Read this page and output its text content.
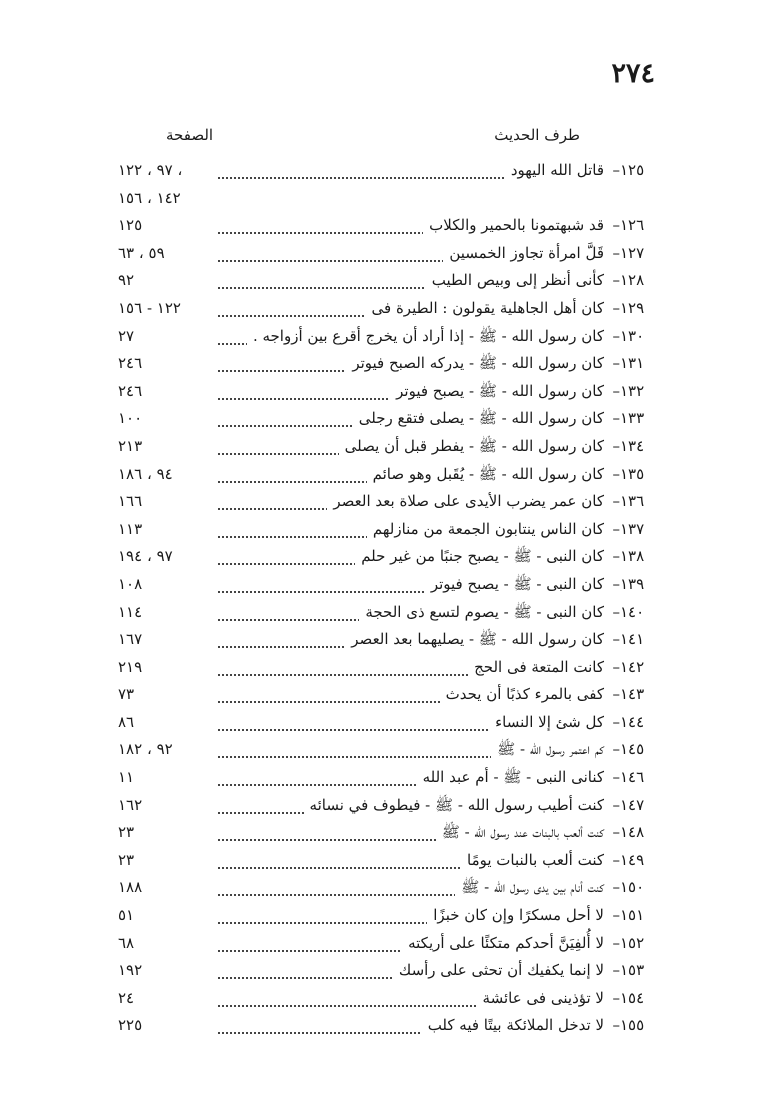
٢٧٤
طرف الحديث
الصفحة
١٢٥
–
قاتل الله اليهود
٩٧ ، ١٢٢ ،
١٤٢ ، ١٥٦
١٢٦
–
قد شبهتمونا بالحمير والكلاب
١٢٥
١٢٧
–
قَلَّ امرأة تجاوز الخمسين
٥٩ ، ٦٣
١٢٨
–
كأنى أنظر إلى وبيص الطيب
٩٢
١٢٩
–
كان أهل الجاهلية يقولون : الطيرة فى
١٢٢ - ١٥٦
١٣٠
–
كان رسول الله - ﷺ - إذا أراد أن يخرج أقرع بين أزواجه .
٢٧
١٣١
–
كان رسول الله - ﷺ - يدركه الصبح فيوتر
٢٤٦
١٣٢
–
كان رسول الله - ﷺ - يصبح فيوتر
٢٤٦
١٣٣
–
كان رسول الله - ﷺ - يصلى فتقع رجلى
١٠٠
١٣٤
–
كان رسول الله - ﷺ - يفطر قبل أن يصلى
٢١٣
١٣٥
–
كان رسول الله - ﷺ - يُقَبل وهو صائم
٩٤ ، ١٨٦
١٣٦
–
كان عمر يضرب الأيدى على صلاة بعد العصر
١٦٦
١٣٧
–
كان الناس ينتابون الجمعة من منازلهم
١١٣
١٣٨
–
كان النبى - ﷺ - يصبح جنبًا من غير حلم
٩٧ ، ١٩٤
١٣٩
–
كان النبى - ﷺ - يصبح فيوتر
١٠٨
١٤٠
–
كان النبى - ﷺ - يصوم لتسع ذى الحجة
١١٤
١٤١
–
كان رسول الله - ﷺ - يصليهما بعد العصر
١٦٧
١٤٢
–
كانت المتعة فى الحج
٢١٩
١٤٣
–
كفى بالمرء كذبًا أن يحدث
٧٣
١٤٤
–
كل شئ إلا النساء
٨٦
١٤٥
–
كم اعتمر رسول الله - ﷺ
٩٢ ، ١٨٢
١٤٦
–
كنانى النبى - ﷺ - أم عبد الله
١١
١٤٧
–
كنت أطيب رسول الله - ﷺ - فيطوف في نسائه
١٦٢
١٤٨
–
كنت ألعب بالبنات عند رسول الله - ﷺ
٢٣
١٤٩
–
كنت ألعب بالنبات يومًا
٢٣
١٥٠
–
كنت أنام بين يدى رسول الله - ﷺ
١٨٨
١٥١
–
لا أحل مسكرًا وإن كان خبزًا
٥١
١٥٢
–
لا أُلفِيَنَّ أحدكم متكئًا على أريكته
٦٨
١٥٣
–
لا إنما يكفيك أن تحثى على رأسك
١٩٢
١٥٤
–
لا تؤذينى فى عائشة
٢٤
١٥٥
–
لا تدخل الملائكة بيتًا فيه كلب
٢٢٥
